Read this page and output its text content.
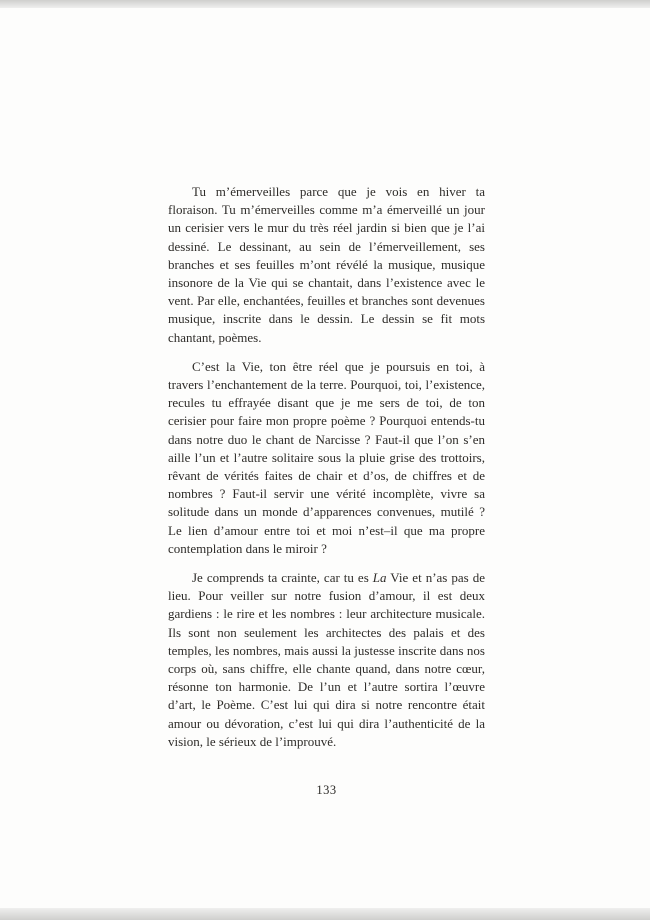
Tu m’émerveilles parce que je vois en hiver ta floraison. Tu m’émerveilles comme m’a émerveillé un jour un cerisier vers le mur du très réel jardin si bien que je l’ai dessiné. Le dessinant, au sein de l’émerveillement, ses branches et ses feuilles m’ont révélé la musique, musique insonore de la Vie qui se chantait, dans l’existence avec le vent. Par elle, enchantées, feuilles et branches sont devenues musique, inscrite dans le dessin. Le dessin se fit mots chantant, poèmes.

C’est la Vie, ton être réel que je poursuis en toi, à travers l’enchantement de la terre. Pourquoi, toi, l’existence, recules tu effrayée disant que je me sers de toi, de ton cerisier pour faire mon propre poème ? Pourquoi entends-tu dans notre duo le chant de Narcisse ? Faut-il que l’on s’en aille l’un et l’autre solitaire sous la pluie grise des trottoirs, rêvant de vérités faites de chair et d’os, de chiffres et de nombres ? Faut-il servir une vérité incomplète, vivre sa solitude dans un monde d’apparences convenues, mutilé ? Le lien d’amour entre toi et moi n’est–il que ma propre contemplation dans le miroir ?

Je comprends ta crainte, car tu es La Vie et n’as pas de lieu. Pour veiller sur notre fusion d’amour, il est deux gardiens : le rire et les nombres : leur architecture musicale. Ils sont non seulement les architectes des palais et des temples, les nombres, mais aussi la justesse inscrite dans nos corps où, sans chiffre, elle chante quand, dans notre cœur, résonne ton harmonie. De l’un et l’autre sortira l’œuvre d’art, le Poème. C’est lui qui dira si notre rencontre était amour ou dévoration, c’est lui qui dira l’authenticité de la vision, le sérieux de l’improuvé.

133
